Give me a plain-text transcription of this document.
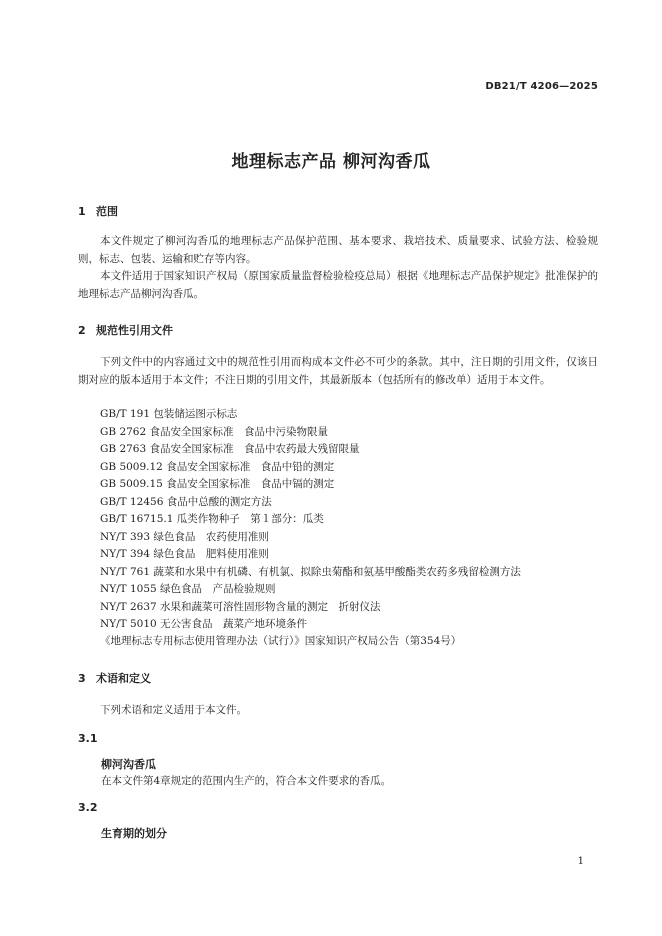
DB21/T 4206—2025
地理标志产品 柳河沟香瓜
1 范围

本文件规定了柳河沟香瓜的地理标志产品保护范围、基本要求、栽培技术、质量要求、试验方法、检验规则，标志、包装、运输和贮存等内容。

本文件适用于国家知识产权局（原国家质量监督检验检疫总局）根据《地理标志产品保护规定》批准保护的地理标志产品柳河沟香瓜。

2 规范性引用文件

下列文件中的内容通过文中的规范性引用而构成本文件必不可少的条款。其中，注日期的引用文件，仅该日期对应的版本适用于本文件；不注日期的引用文件，其最新版本（包括所有的修改单）适用于本文件。

GB/T 191 包装储运图示标志
GB 2762 食品安全国家标准　食品中污染物限量
GB 2763 食品安全国家标准　食品中农药最大残留限量
GB 5009.12 食品安全国家标准　食品中铅的测定
GB 5009.15 食品安全国家标准　食品中镉的测定
GB/T 12456 食品中总酸的测定方法
GB/T 16715.1 瓜类作物种子　第１部分：瓜类
NY/T 393 绿色食品　农药使用准则
NY/T 394 绿色食品　肥料使用准则
NY/T 761 蔬菜和水果中有机磷、有机氯、拟除虫菊酯和氨基甲酸酯类农药多残留检测方法
NY/T 1055 绿色食品　产品检验规则
NY/T 2637 水果和蔬菜可溶性固形物含量的测定　折射仪法
NY/T 5010 无公害食品　蔬菜产地环境条件
《地理标志专用标志使用管理办法（试行）》国家知识产权局公告（第354号）
3 术语和定义

下列术语和定义适用于本文件。

3.1
柳河沟香瓜
在本文件第4章规定的范围内生产的，符合本文件要求的香瓜。
3.2
生育期的划分
1
